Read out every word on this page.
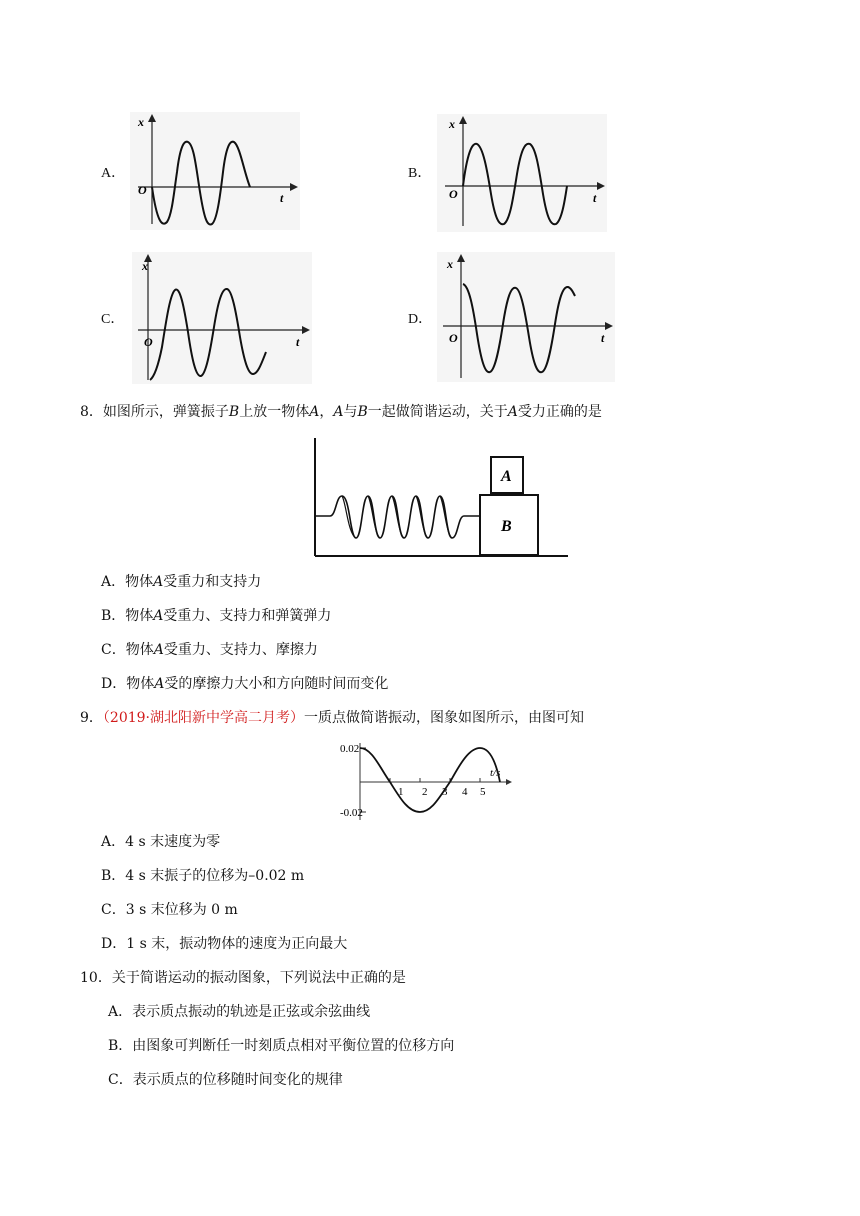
A．
x
t
O
B．
x
t
O
C．
x
t
O
D．
x
t
O
8．如图所示，弹簧振子B上放一物体A，A与B一起做简谐运动，关于A受力正确的是
B
A
A．物体A受重力和支持力
B．物体A受重力、支持力和弹簧弹力
C．物体A受重力、支持力、摩擦力
D．物体A受的摩擦力大小和方向随时间而变化
9．（2019·湖北阳新中学高二月考）一质点做简谐振动，图象如图所示，由图可知
0.02
-0.02
t/s
1 2 3 4 5
A．4 s 末速度为零
B．4 s 末振子的位移为–0.02 m
C．3 s 末位移为 0 m
D．1 s 末，振动物体的速度为正向最大
10．关于简谐运动的振动图象，下列说法中正确的是
A．表示质点振动的轨迹是正弦或余弦曲线
B．由图象可判断任一时刻质点相对平衡位置的位移方向
C．表示质点的位移随时间变化的规律
